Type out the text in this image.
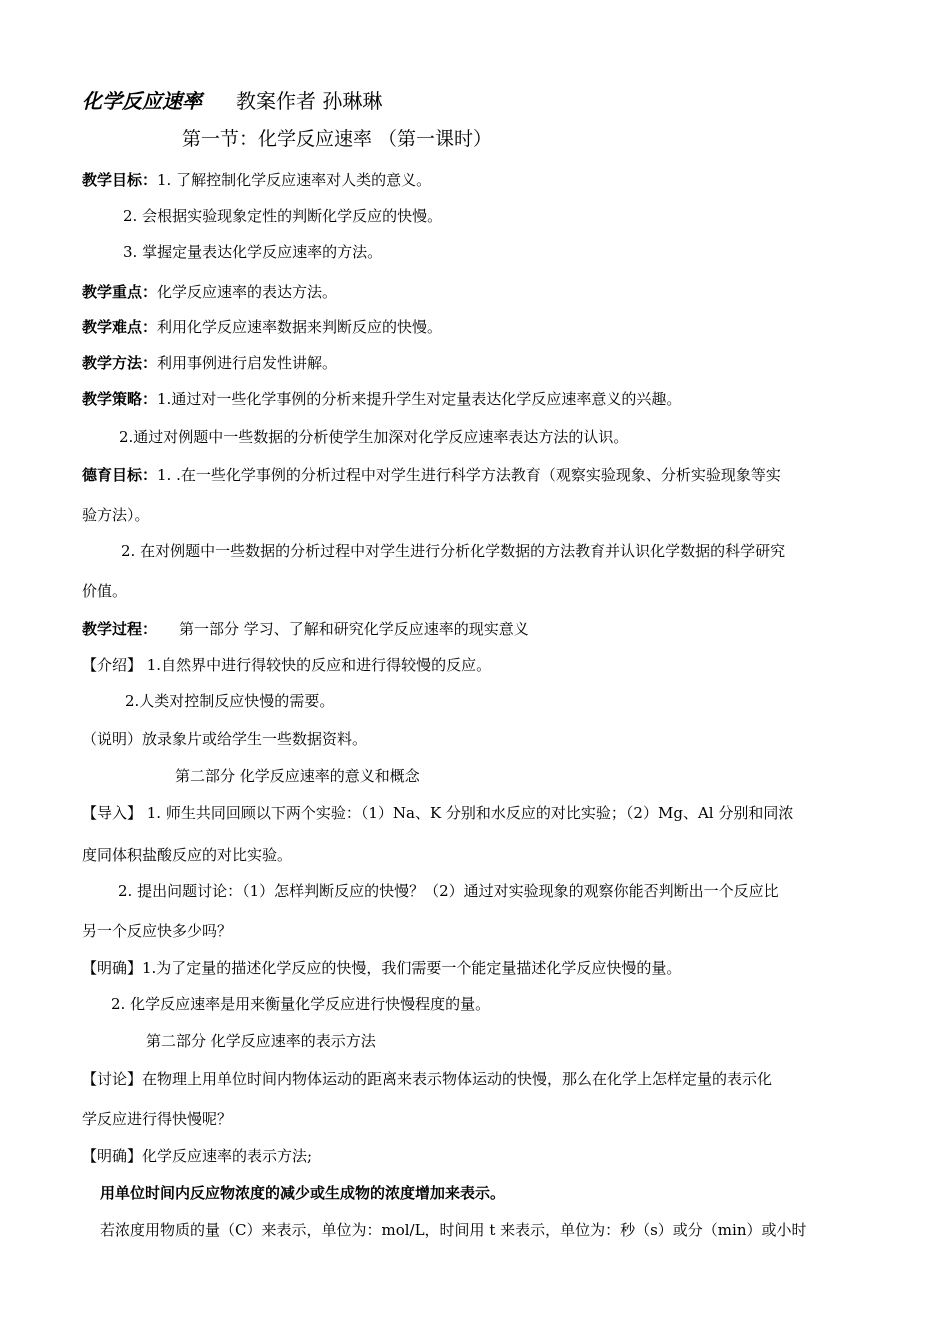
化学反应速率 教案作者 孙琳琳
第一节：化学反应速率 （第一课时）
教学目标：1. 了解控制化学反应速率对人类的意义。
2. 会根据实验现象定性的判断化学反应的快慢。
3. 掌握定量表达化学反应速率的方法。
教学重点：化学反应速率的表达方法。
教学难点：利用化学反应速率数据来判断反应的快慢。
教学方法：利用事例进行启发性讲解。
教学策略：1.通过对一些化学事例的分析来提升学生对定量表达化学反应速率意义的兴趣。
2.通过对例题中一些数据的分析使学生加深对化学反应速率表达方法的认识。
德育目标：1. .在一些化学事例的分析过程中对学生进行科学方法教育（观察实验现象、分析实验现象等实
验方法）。
2. 在对例题中一些数据的分析过程中对学生进行分析化学数据的方法教育并认识化学数据的科学研究
价值。
教学过程： 第一部分 学习、了解和研究化学反应速率的现实意义
【介绍】 1.自然界中进行得较快的反应和进行得较慢的反应。
2.人类对控制反应快慢的需要。
（说明）放录象片或给学生一些数据资料。
第二部分 化学反应速率的意义和概念
【导入】 1. 师生共同回顾以下两个实验：（1）Na、K 分别和水反应的对比实验；（2）Mg、Al 分别和同浓
度同体积盐酸反应的对比实验。
2. 提出问题讨论：（1）怎样判断反应的快慢？（2）通过对实验现象的观察你能否判断出一个反应比
另一个反应快多少吗？
【明确】1.为了定量的描述化学反应的快慢，我们需要一个能定量描述化学反应快慢的量。
2. 化学反应速率是用来衡量化学反应进行快慢程度的量。
第二部分 化学反应速率的表示方法
【讨论】在物理上用单位时间内物体运动的距离来表示物体运动的快慢，那么在化学上怎样定量的表示化
学反应进行得快慢呢？
【明确】化学反应速率的表示方法;
用单位时间内反应物浓度的减少或生成物的浓度增加来表示。
若浓度用物质的量（C）来表示，单位为：mol/L，时间用 t 来表示，单位为：秒（s）或分（min）或小时
